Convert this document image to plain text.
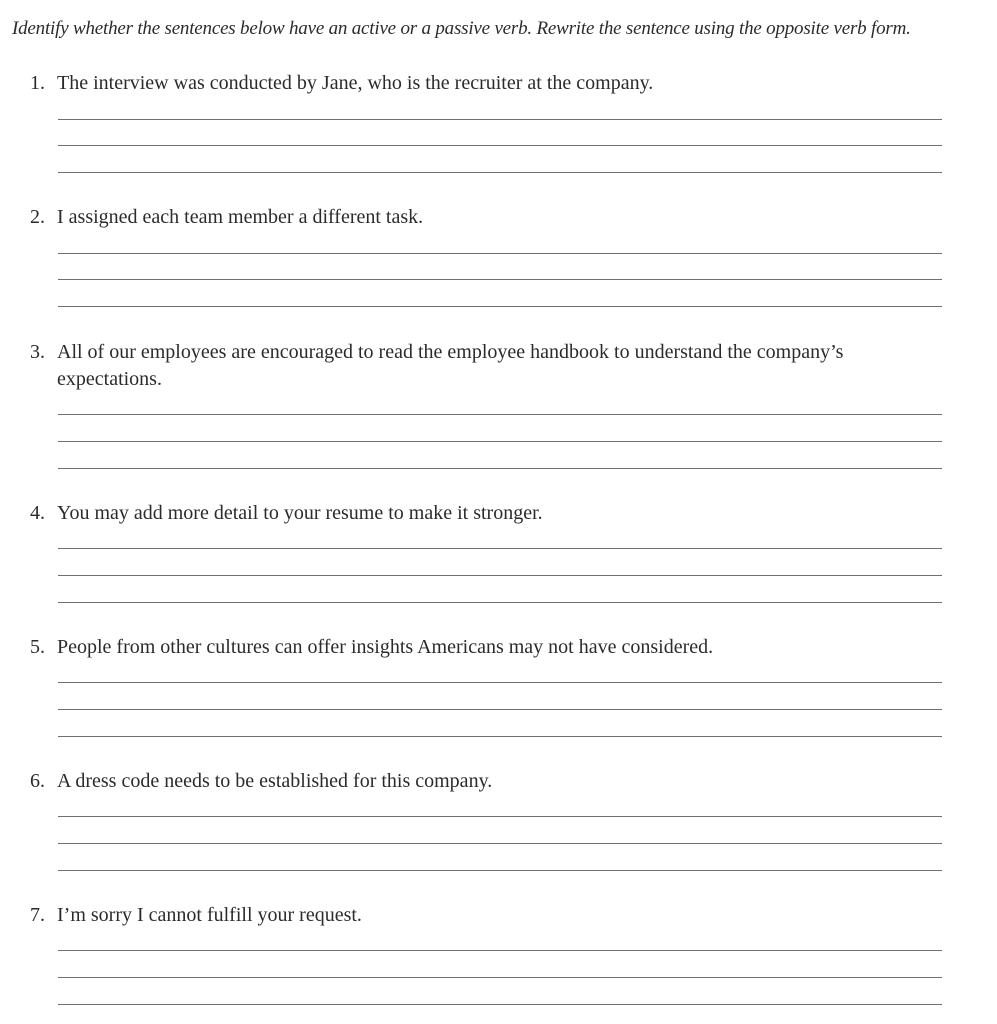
Identify whether the sentences below have an active or a passive verb. Rewrite the sentence using the opposite verb form.
1. The interview was conducted by Jane, who is the recruiter at the company.
2. I assigned each team member a different task.
3. All of our employees are encouraged to read the employee handbook to understand the company’s expectations.
4. You may add more detail to your resume to make it stronger.
5. People from other cultures can offer insights Americans may not have considered.
6. A dress code needs to be established for this company.
7. I’m sorry I cannot fulfill your request.
